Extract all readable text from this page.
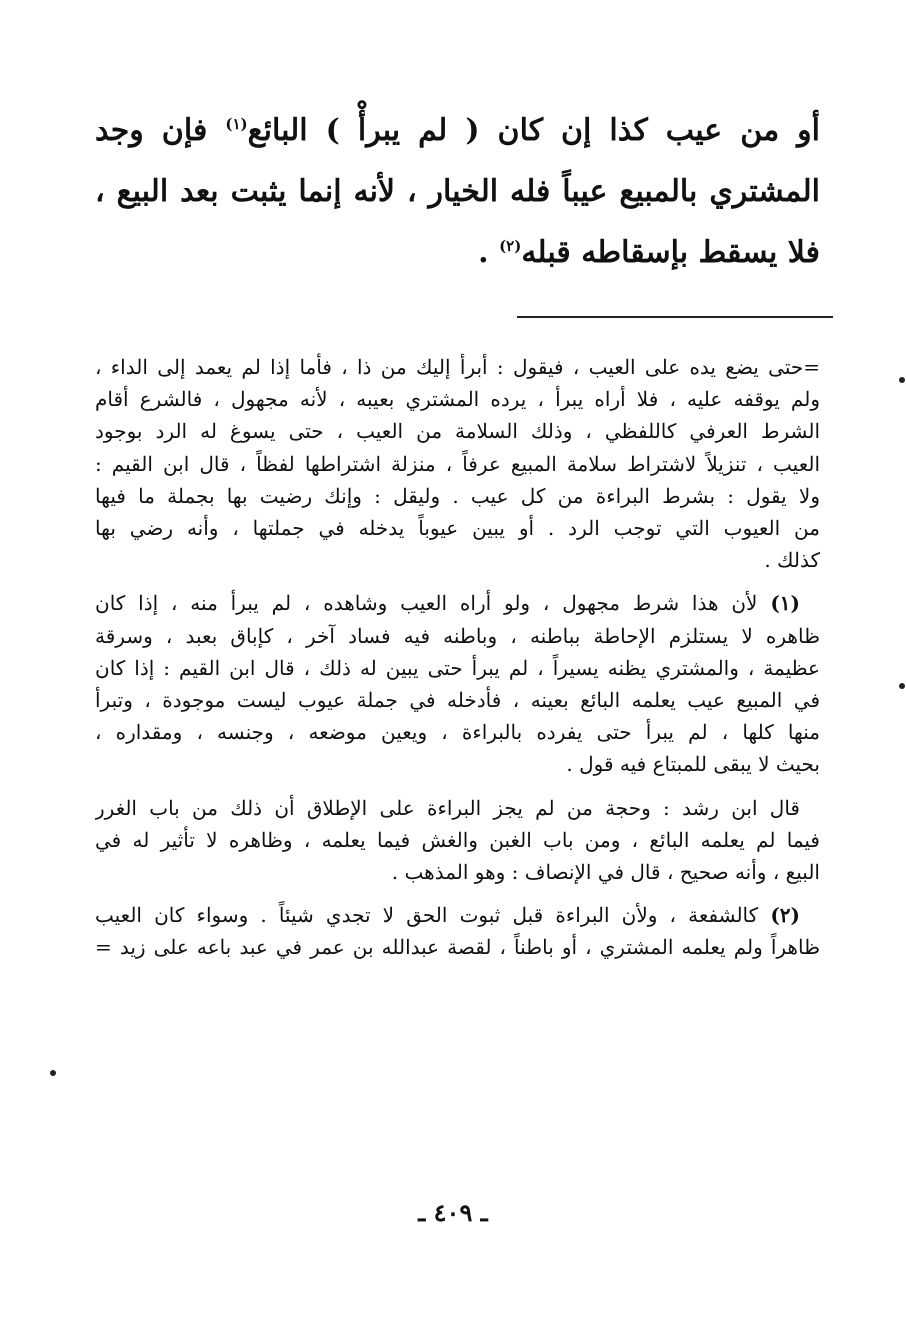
أو من عيب كذا إن كان ( لم يبرأْ ) البائع$^{(١)}$ فإن وجد المشتري بالمبيع عيباً فله الخيار ، لأنه إنما يثبت بعد البيع ، فلا يسقط بإسقاطه قبله$^{(٢)}$ .

=حتى يضع يده على العيب ، فيقول : أبرأ إليك من ذا ، فأما إذا لم يعمد إلى الداء ،
ولم يوقفه عليه ، فلا أراه يبرأ ، يرده المشتري بعيبه ، لأنه مجهول ، فالشرع أقام
الشرط العرفي كاللفظي ، وذلك السلامة من العيب ، حتى يسوغ له الرد بوجود
العيب ، تنزيلاً لاشتراط سلامة المبيع عرفاً ، منزلة اشتراطها لفظاً ، قال ابن القيم :
ولا يقول : بشرط البراءة من كل عيب . وليقل : وإنك رضيت بها بجملة ما فيها
من العيوب التي توجب الرد . أو يبين عيوباً يدخله في جملتها ، وأنه رضي بها
كذلك .

 (١) لأن هذا شرط مجهول ، ولو أراه العيب وشاهده ، لم يبرأ منه ، إذا كان
ظاهره لا يستلزم الإحاطة بباطنه ، وباطنه فيه فساد آخر ، كإباق بعبد ، وسرقة
عظيمة ، والمشتري يظنه يسيراً ، لم يبرأ حتى يبين له ذلك ، قال ابن القيم : إذا كان
في المبيع عيب يعلمه البائع بعينه ، فأدخله في جملة عيوب ليست موجودة ، وتبرأ
منها كلها ، لم يبرأ حتى يفرده بالبراءة ، ويعين موضعه ، وجنسه ، ومقداره ،
بحيث لا يبقى للمبتاع فيه قول .

 قال ابن رشد : وحجة من لم يجز البراءة على الإطلاق أن ذلك من باب الغرر
فيما لم يعلمه البائع ، ومن باب الغبن والغش فيما يعلمه ، وظاهره لا تأثير له في
البيع ، وأنه صحيح ، قال في الإنصاف : وهو المذهب .

 (٢) كالشفعة ، ولأن البراءة قبل ثبوت الحق لا تجدي شيئاً . وسواء كان العيب
ظاهراً ولم يعلمه المشتري ، أو باطناً ، لقصة عبدالله بن عمر في عبد باعه على زيد =

ـ ٤٠٩ ـ
